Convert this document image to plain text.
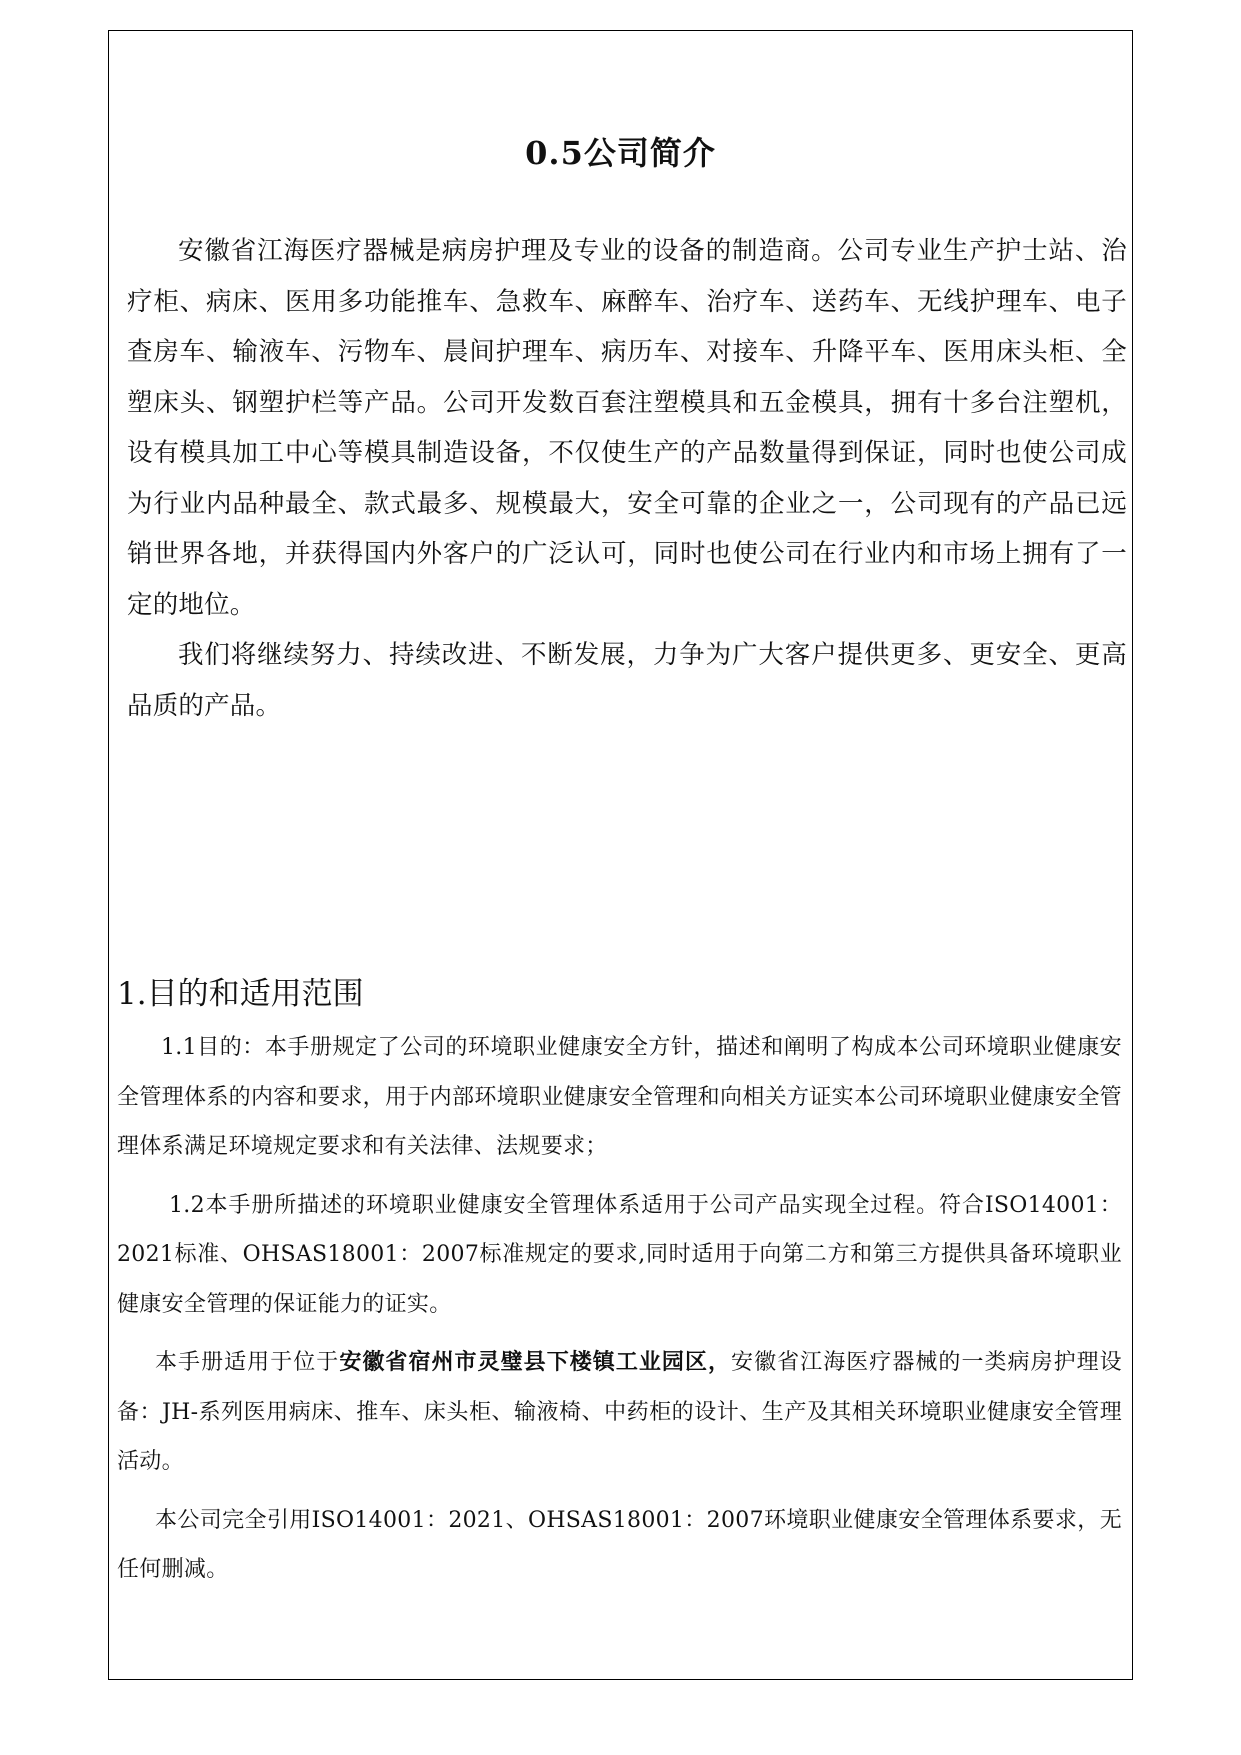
0.5公司简介

安徽省江海医疗器械是病房护理及专业的设备的制造商。公司专业生产护士站、治疗柜、病床、医用多功能推车、急救车、麻醉车、治疗车、送药车、无线护理车、电子查房车、输液车、污物车、晨间护理车、病历车、对接车、升降平车、医用床头柜、全塑床头、钢塑护栏等产品。公司开发数百套注塑模具和五金模具，拥有十多台注塑机，设有模具加工中心等模具制造设备，不仅使生产的产品数量得到保证，同时也使公司成为行业内品种最全、款式最多、规模最大，安全可靠的企业之一，公司现有的产品已远销世界各地，并获得国内外客户的广泛认可，同时也使公司在行业内和市场上拥有了一定的地位。

我们将继续努力、持续改进、不断发展，力争为广大客户提供更多、更安全、更高品质的产品。

1.目的和适用范围

1.1目的：本手册规定了公司的环境职业健康安全方针，描述和阐明了构成本公司环境职业健康安全管理体系的内容和要求，用于内部环境职业健康安全管理和向相关方证实本公司环境职业健康安全管理体系满足环境规定要求和有关法律、法规要求；

1.2本手册所描述的环境职业健康安全管理体系适用于公司产品实现全过程。符合ISO14001：2021标准、OHSAS18001：2007标准规定的要求,同时适用于向第二方和第三方提供具备环境职业健康安全管理的保证能力的证实。

本手册适用于位于安徽省宿州市灵璧县下楼镇工业园区，安徽省江海医疗器械的一类病房护理设备：JH-系列医用病床、推车、床头柜、输液椅、中药柜的设计、生产及其相关环境职业健康安全管理活动。

本公司完全引用ISO14001：2021、OHSAS18001：2007环境职业健康安全管理体系要求，无任何删减。
